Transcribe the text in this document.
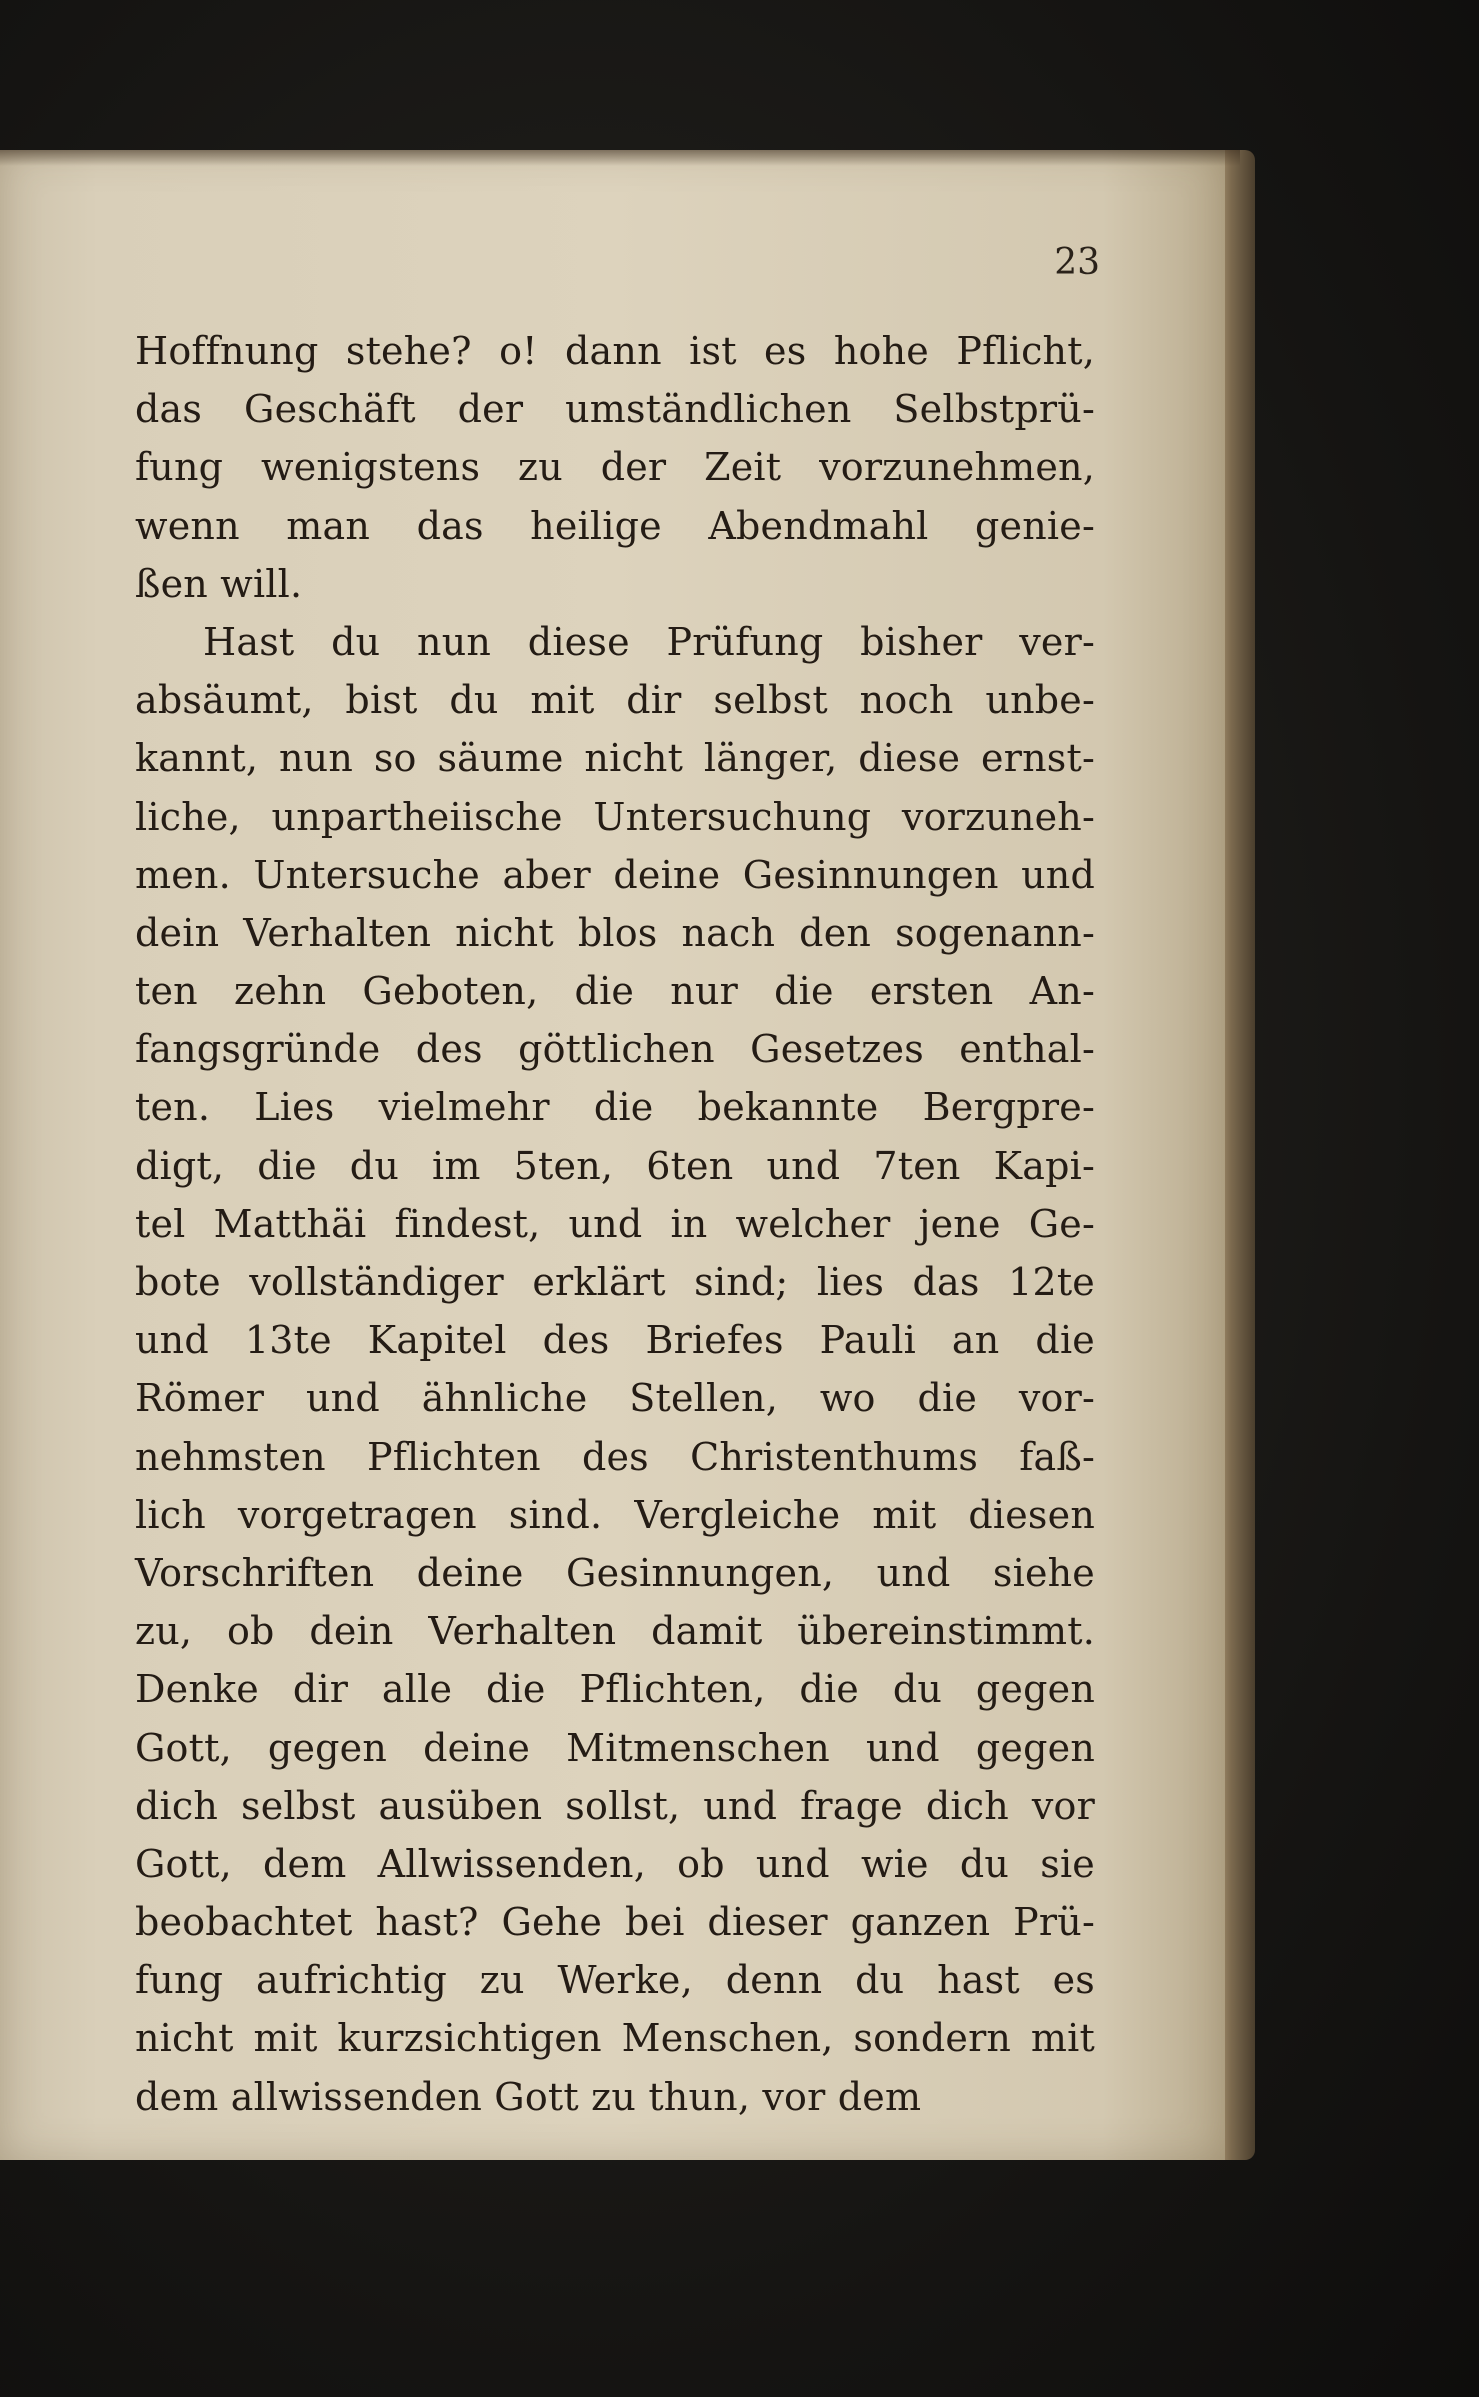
23
Hoffnung stehe? o! dann ist es hohe Pflicht,
das Geschäft der umständlichen Selbstprü-
fung wenigstens zu der Zeit vorzunehmen,
wenn man das heilige Abendmahl genie-
ßen will.
Hast du nun diese Prüfung bisher ver-
absäumt, bist du mit dir selbst noch unbe-
kannt, nun so säume nicht länger, diese ernst-
liche, unpartheiische Untersuchung vorzuneh-
men. Untersuche aber deine Gesinnungen und
dein Verhalten nicht blos nach den sogenann-
ten zehn Geboten, die nur die ersten An-
fangsgründe des göttlichen Gesetzes enthal-
ten. Lies vielmehr die bekannte Bergpre-
digt, die du im 5ten, 6ten und 7ten Kapi-
tel Matthäi findest, und in welcher jene Ge-
bote vollständiger erklärt sind; lies das 12te
und 13te Kapitel des Briefes Pauli an die
Römer und ähnliche Stellen, wo die vor-
nehmsten Pflichten des Christenthums faß-
lich vorgetragen sind. Vergleiche mit diesen
Vorschriften deine Gesinnungen, und siehe
zu, ob dein Verhalten damit übereinstimmt.
Denke dir alle die Pflichten, die du gegen
Gott, gegen deine Mitmenschen und gegen
dich selbst ausüben sollst, und frage dich vor
Gott, dem Allwissenden, ob und wie du sie
beobachtet hast? Gehe bei dieser ganzen Prü-
fung aufrichtig zu Werke, denn du hast es
nicht mit kurzsichtigen Menschen, sondern mit
dem allwissenden Gott zu thun, vor dem
